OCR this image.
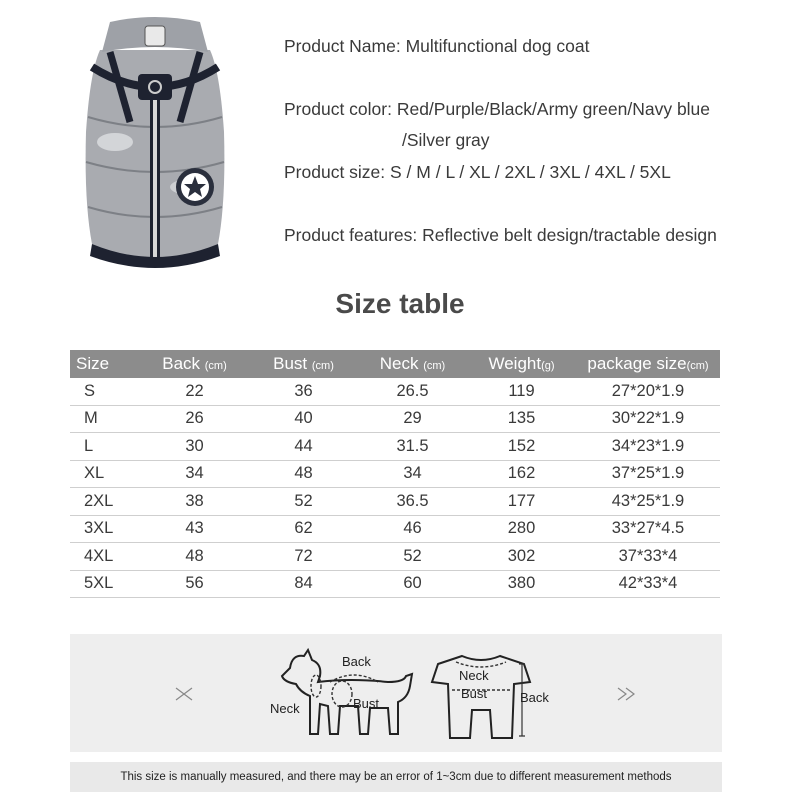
Product Name: Multifunctional dog coat
Product color: Red/Purple/Black/Army green/Navy blue
/Silver gray
Product size: S / M / L / XL / 2XL / 3XL / 4XL / 5XL
Product features: Reflective belt design/tractable design
Size table
Size	Back (cm)	Bust (cm)	Neck (cm)	Weight(g)	package size(cm)
S	22	36	26.5	119	27*20*1.9
M	26	40	29	135	30*22*1.9
L	30	44	31.5	152	34*23*1.9
XL	34	48	34	162	37*25*1.9
2XL	38	52	36.5	177	43*25*1.9
3XL	43	62	46	280	33*27*4.5
4XL	48	72	52	302	37*33*4
5XL	56	84	60	380	42*33*4
Back
Neck	Bust
Neck
Bust	Back
This size is manually measured, and there may be an error of 1~3cm due to different measurement methods
